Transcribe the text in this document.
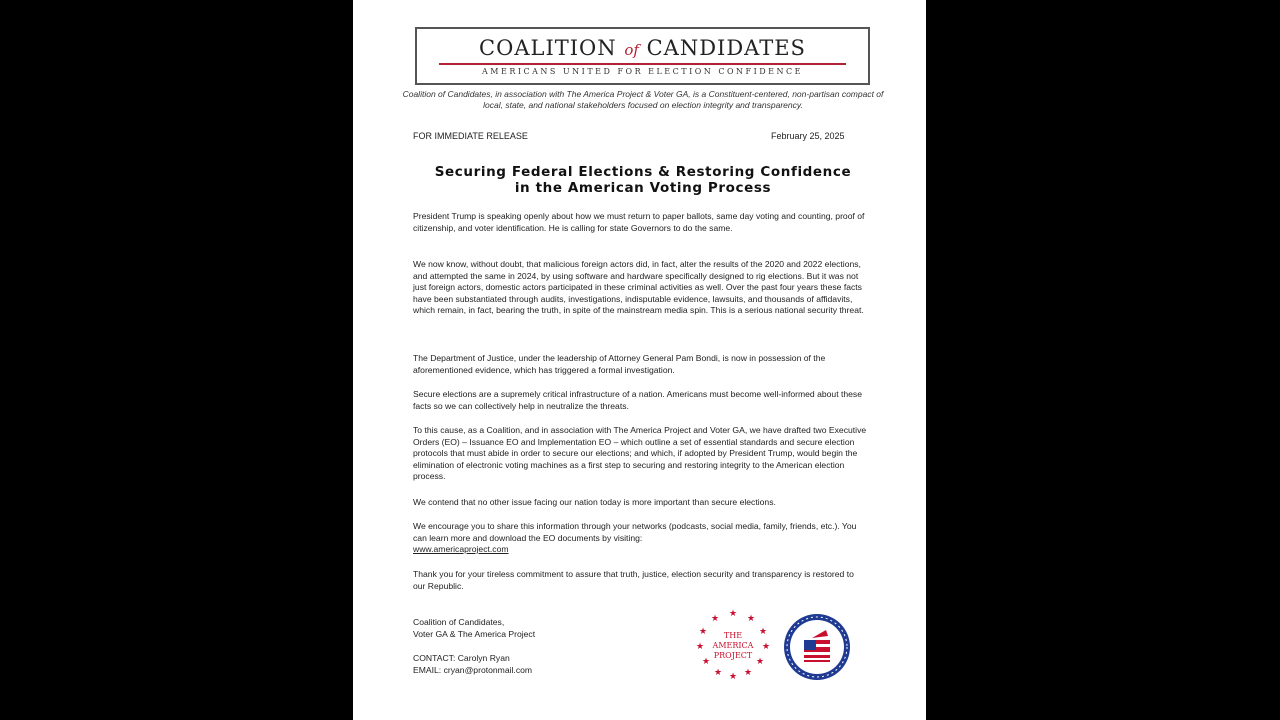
COALITION of CANDIDATES
AMERICANS UNITED FOR ELECTION CONFIDENCE
Coalition of Candidates, in association with The America Project & Voter GA, is a Constituent-centered, non-partisan compact of local, state, and national stakeholders focused on election integrity and transparency.
FOR IMMEDIATE RELEASE	February 25, 2025
Securing Federal Elections & Restoring Confidence
in the American Voting Process
President Trump is speaking openly about how we must return to paper ballots, same day voting and counting, proof of citizenship, and voter identification. He is calling for state Governors to do the same.
We now know, without doubt, that malicious foreign actors did, in fact, alter the results of the 2020 and 2022 elections, and attempted the same in 2024, by using software and hardware specifically designed to rig elections. But it was not just foreign actors, domestic actors participated in these criminal activities as well. Over the past four years these facts have been substantiated through audits, investigations, indisputable evidence, lawsuits, and thousands of affidavits, which remain, in fact, bearing the truth, in spite of the mainstream media spin. This is a serious national security threat.
The Department of Justice, under the leadership of Attorney General Pam Bondi, is now in possession of the aforementioned evidence, which has triggered a formal investigation.
Secure elections are a supremely critical infrastructure of a nation. Americans must become well-informed about these facts so we can collectively help in neutralize the threats.
To this cause, as a Coalition, and in association with The America Project and Voter GA, we have drafted two Executive Orders (EO) – Issuance EO and Implementation EO – which outline a set of essential standards and secure election protocols that must abide in order to secure our elections; and which, if adopted by President Trump, would begin the elimination of electronic voting machines as a first step to securing and restoring integrity to the American election process.
We contend that no other issue facing our nation today is more important than secure elections.
We encourage you to share this information through your networks (podcasts, social media, family, friends, etc.). You can learn more and download the EO documents by visiting:
www.americaproject.com
Thank you for your tireless commitment to assure that truth, justice, election security and transparency is restored to our Republic.
Coalition of Candidates,
Voter GA & The America Project
CONTACT: Carolyn Ryan
EMAIL: cryan@protonmail.com
★ ★
★
★
★
★
★
★
★
★
★
★
THE
AMERICA
PROJECT
